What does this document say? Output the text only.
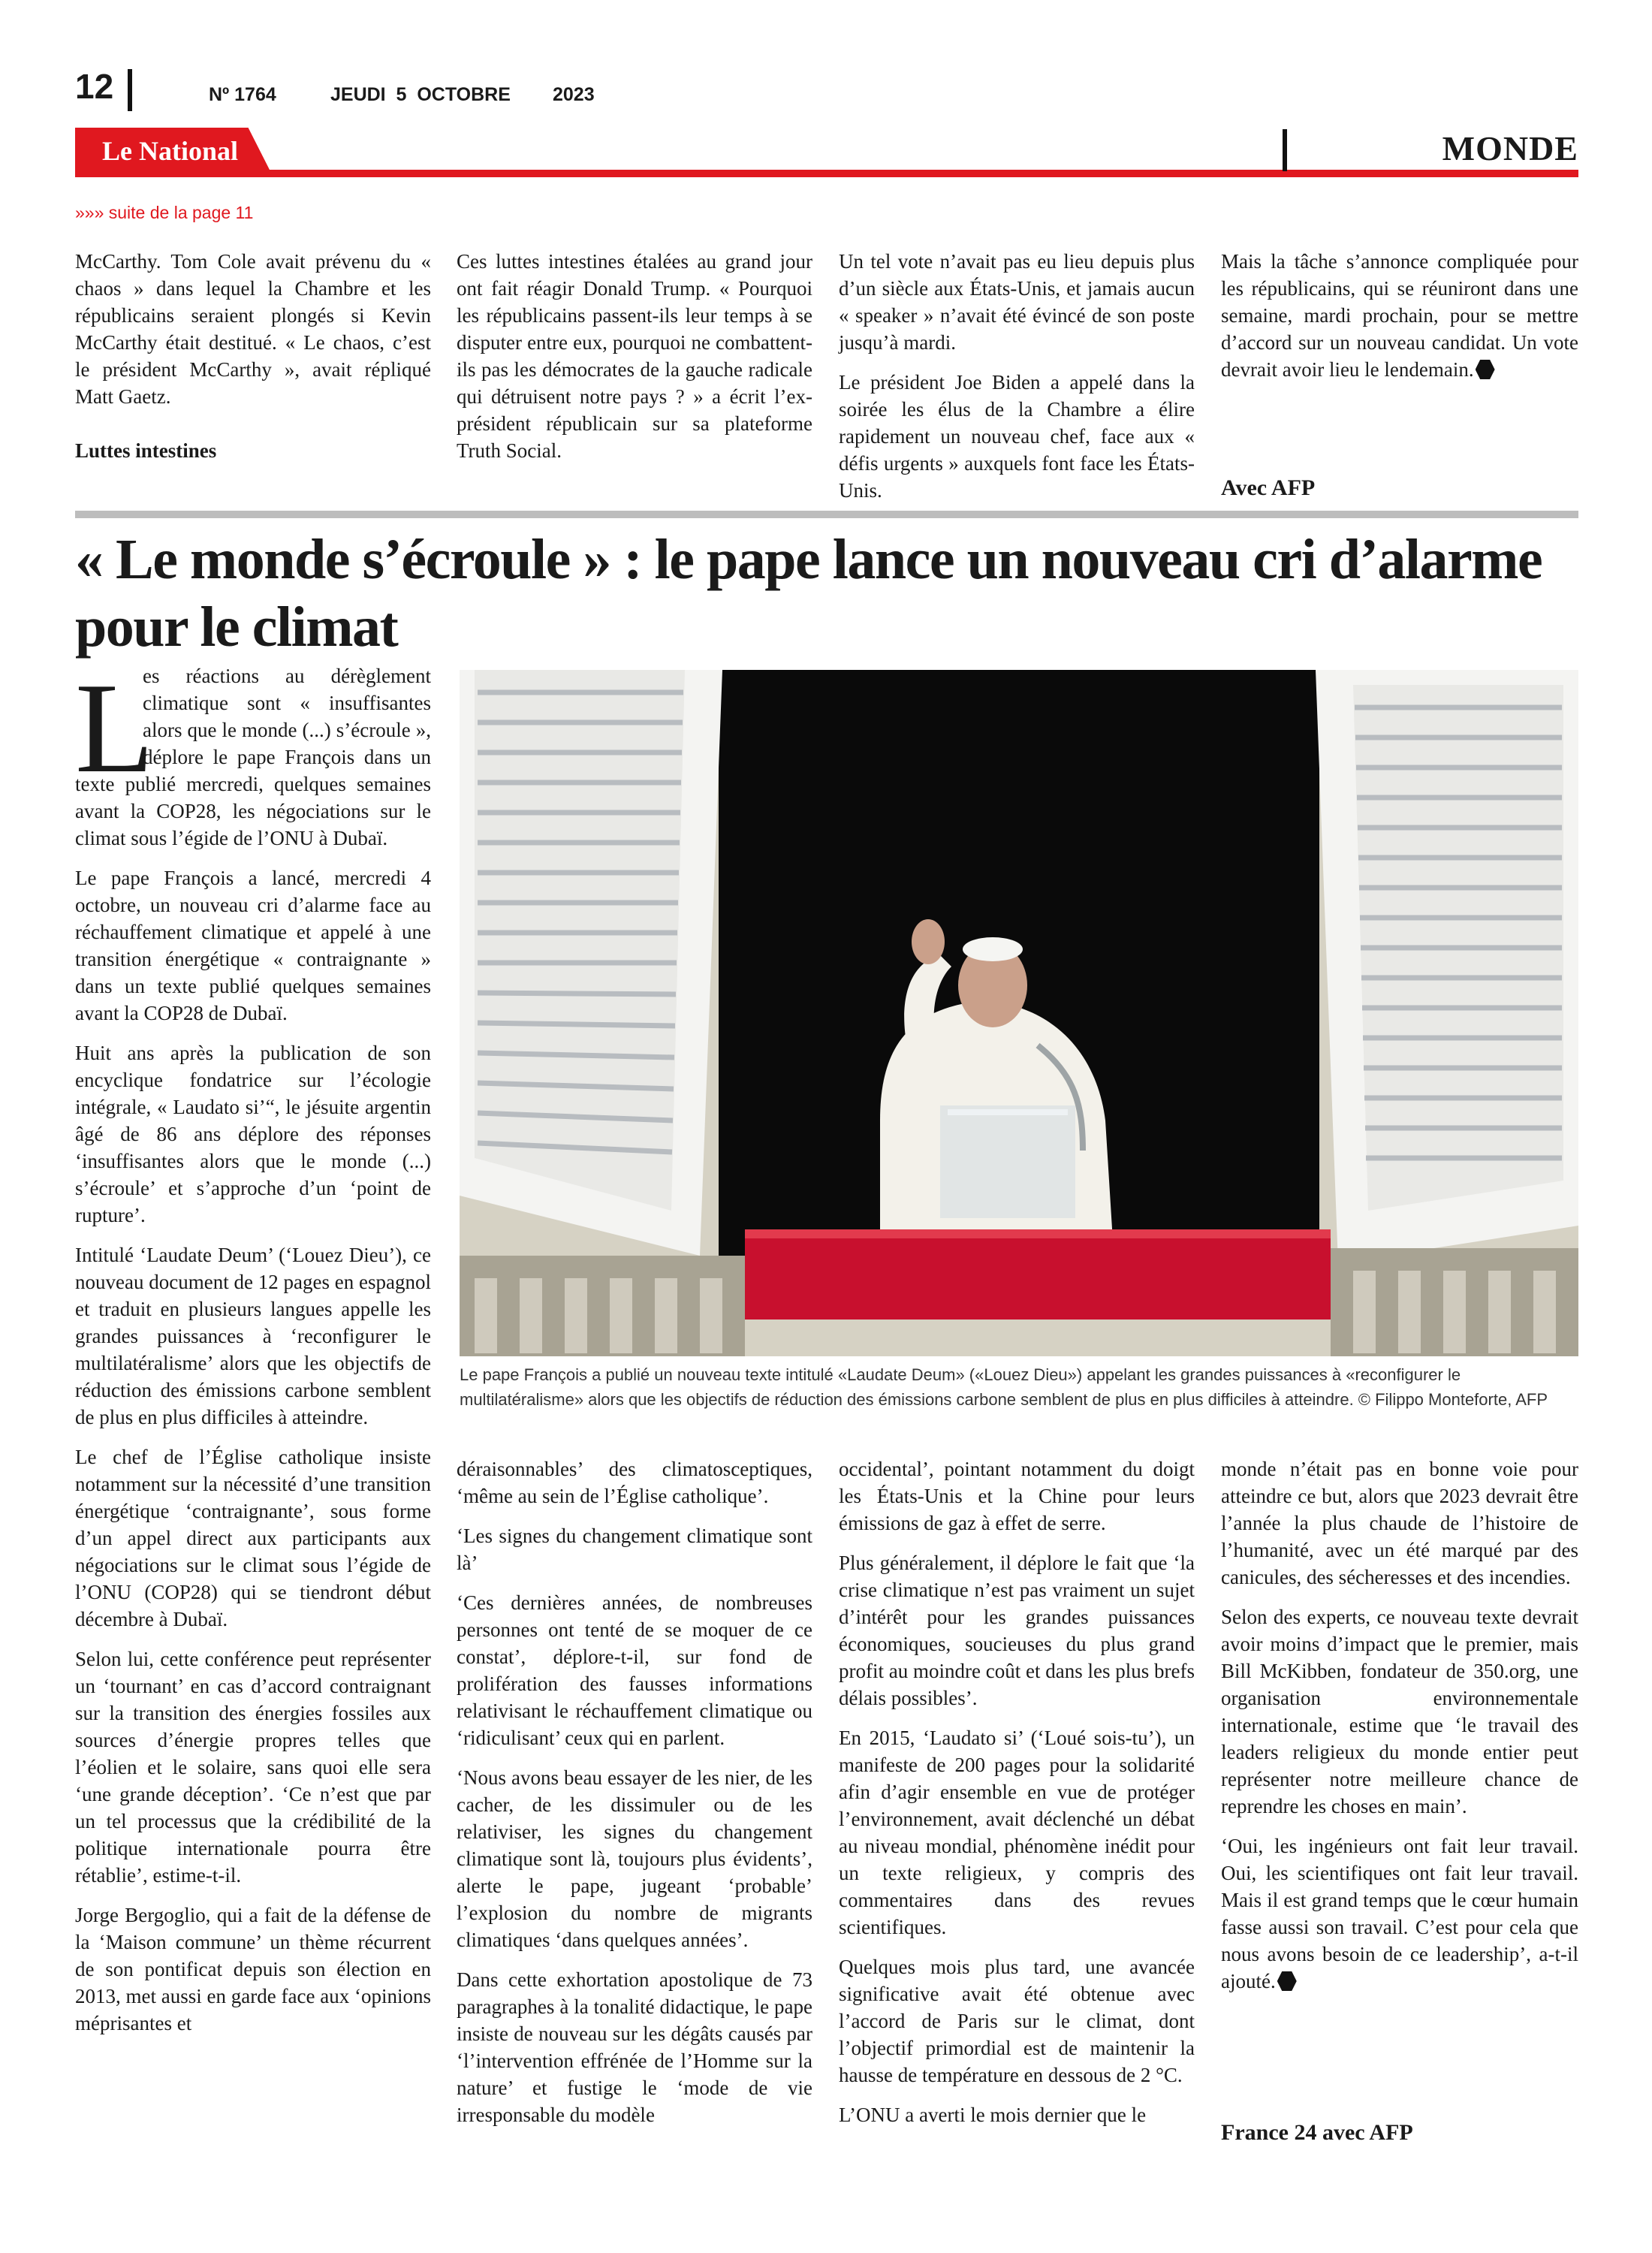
12	Nº 1764	JEUDI  5  OCTOBRE 2023
Le National	MONDE
»»» suite de la page 11

McCarthy. Tom Cole avait prévenu du « chaos » dans lequel la Chambre et les républicains seraient plongés si Kevin McCarthy était destitué. « Le chaos, c’est le président McCarthy », avait répliqué Matt Gaetz.

Luttes intestines

Ces luttes intestines étalées au grand jour ont fait réagir Donald Trump. « Pourquoi les républicains passent-ils leur temps à se disputer entre eux, pourquoi ne combattent-ils pas les démocrates de la gauche radicale qui détruisent notre pays ? » a écrit l’ex-président républicain sur sa plateforme Truth Social.

Un tel vote n’avait pas eu lieu depuis plus d’un siècle aux États-Unis, et jamais aucun « speaker » n’avait été évincé de son poste jusqu’à mardi.

Le président Joe Biden a appelé dans la soirée les élus de la Chambre a élire rapidement un nouveau chef, face aux « défis urgents » auxquels font face les États-Unis.

Mais la tâche s’annonce compliquée pour les républicains, qui se réuniront dans une semaine, mardi prochain, pour se mettre d’accord sur un nouveau candidat. Un vote devrait avoir lieu le lendemain.

Avec AFP
« Le monde s’écroule » : le pape lance un nouveau cri d’alarme pour le climat
L

es réactions au dérèglement climatique sont « insuffisantes alors que le monde (...) s’écroule », déplore le pape François dans un texte publié mercredi, quelques semaines avant la COP28, les négociations sur le climat sous l’égide de l’ONU à Dubaï.

Le pape François a lancé, mercredi 4 octobre, un nouveau cri d’alarme face au réchauffement climatique et appelé à une transition énergétique « contraignante » dans un texte publié quelques semaines avant la COP28 de Dubaï.

Huit ans après la publication de son encyclique fondatrice sur l’écologie intégrale, « Laudato si’“, le jésuite argentin âgé de 86 ans déplore des réponses ‘insuffisantes alors que le monde (...) s’écroule’ et s’approche d’un ‘point de rupture’.

Intitulé ‘Laudate Deum’ (‘Louez Dieu’), ce nouveau document de 12 pages en espagnol et traduit en plusieurs langues appelle les grandes puissances à ‘reconfigurer le multilatéralisme’ alors que les objectifs de réduction des émissions carbone semblent de plus en plus difficiles à atteindre.

Le chef de l’Église catholique insiste notamment sur la nécessité d’une transition énergétique ‘contraignante’, sous forme d’un appel direct aux participants aux négociations sur le climat sous l’égide de l’ONU (COP28) qui se tiendront début décembre à Dubaï.

Selon lui, cette conférence peut représenter un ‘tournant’ en cas d’accord contraignant sur la transition des énergies fossiles aux sources d’énergie propres telles que l’éolien et le solaire, sans quoi elle sera ‘une grande déception’. ‘Ce n’est que par un tel processus que la crédibilité de la politique internationale pourra être rétablie’, estime-t-il.

Jorge Bergoglio, qui a fait de la défense de la ‘Maison commune’ un thème récurrent de son pontificat depuis son élection en 2013, met aussi en garde face aux ‘opinions méprisantes et

Le pape François a publié un nouveau texte intitulé «Laudate Deum» («Louez Dieu») appelant les grandes puissances à «reconfigurer le multilatéralisme» alors que les objectifs de réduction des émissions carbone semblent de plus en plus difficiles à atteindre. © Filippo Monteforte, AFP

déraisonnables’ des climatosceptiques, ‘même au sein de l’Église catholique’.

‘Les signes du changement climatique sont là’

‘Ces dernières années, de nombreuses personnes ont tenté de se moquer de ce constat’, déplore-t-il, sur fond de prolifération des fausses informations relativisant le réchauffement climatique ou ‘ridiculisant’ ceux qui en parlent.

‘Nous avons beau essayer de les nier, de les cacher, de les dissimuler ou de les relativiser, les signes du changement climatique sont là, toujours plus évidents’, alerte le pape, jugeant ‘probable’ l’explosion du nombre de migrants climatiques ‘dans quelques années’.

Dans cette exhortation apostolique de 73 paragraphes à la tonalité didactique, le pape insiste de nouveau sur les dégâts causés par ‘l’intervention effrénée de l’Homme sur la nature’ et fustige le ‘mode de vie irresponsable du modèle

occidental’, pointant notamment du doigt les États-Unis et la Chine pour leurs émissions de gaz à effet de serre.

Plus généralement, il déplore le fait que ‘la crise climatique n’est pas vraiment un sujet d’intérêt pour les grandes puissances économiques, soucieuses du plus grand profit au moindre coût et dans les plus brefs délais possibles’.

En 2015, ‘Laudato si’ (‘Loué sois-tu’), un manifeste de 200 pages pour la solidarité afin d’agir ensemble en vue de protéger l’environnement, avait déclenché un débat au niveau mondial, phénomène inédit pour un texte religieux, y compris des commentaires dans des revues scientifiques.

Quelques mois plus tard, une avancée significative avait été obtenue avec l’accord de Paris sur le climat, dont l’objectif primordial est de maintenir la hausse de température en dessous de 2 °C.

L’ONU a averti le mois dernier que le

monde n’était pas en bonne voie pour atteindre ce but, alors que 2023 devrait être l’année la plus chaude de l’histoire de l’humanité, avec un été marqué par des canicules, des sécheresses et des incendies.

Selon des experts, ce nouveau texte devrait avoir moins d’impact que le premier, mais Bill McKibben, fondateur de 350.org, une organisation environnementale internationale, estime que ‘le travail des leaders religieux du monde entier peut représenter notre meilleure chance de reprendre les choses en main’.

‘Oui, les ingénieurs ont fait leur travail. Oui, les scientifiques ont fait leur travail. Mais il est grand temps que le cœur humain fasse aussi son travail. C’est pour cela que nous avons besoin de ce leadership’, a-t-il ajouté.

France 24 avec AFP
